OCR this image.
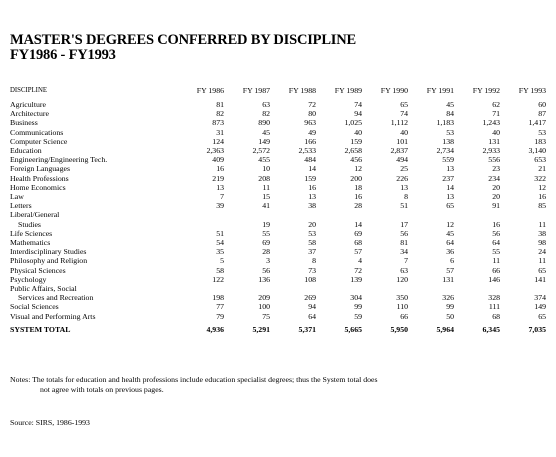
MASTER'S DEGREES CONFERRED BY DISCIPLINE
FY1986 - FY1993
DISCIPLINE	FY 1986	FY 1987	FY 1988	FY 1989	FY 1990	FY 1991	FY 1992	FY 1993
Agriculture	81	63	72	74	65	45	62	60
Architecture	82	82	80	94	74	84	71	87
Business	873	890	963	1,025	1,112	1,183	1,243	1,417
Communications	31	45	49	40	40	53	40	53
Computer Science	124	149	166	159	101	138	131	183
Education	2,363	2,572	2,533	2,658	2,837	2,734	2,933	3,140
Engineering/Engineering Tech.	409	455	484	456	494	559	556	653
Foreign Languages	16	10	14	12	25	13	23	21
Health Professions	219	208	159	200	226	237	234	322
Home Economics	13	11	16	18	13	14	20	12
Law	7	15	13	16	8	13	20	16
Letters	39	41	38	28	51	65	91	85
Liberal/General								
Studies		19	20	14	17	12	16	11
Life Sciences	51	55	53	69	56	45	56	38
Mathematics	54	69	58	68	81	64	64	98
Interdisciplinary Studies	35	28	37	57	34	36	55	24
Philosophy and Religion	5	3	8	4	7	6	11	11
Physical Sciences	58	56	73	72	63	57	66	65
Psychology	122	136	108	139	120	131	146	141
Public Affairs, Social								
Services and Recreation	198	209	269	304	350	326	328	374
Social Sciences	77	100	94	99	110	99	111	149
Visual and Performing Arts	79	75	64	59	66	50	68	65

SYSTEM TOTAL	4,936	5,291	5,371	5,665	5,950	5,964	6,345	7,035
Notes: The totals for education and health professions include education specialist degrees; thus the System total does
not agree with totals on previous pages.
Source: SIRS, 1986-1993
